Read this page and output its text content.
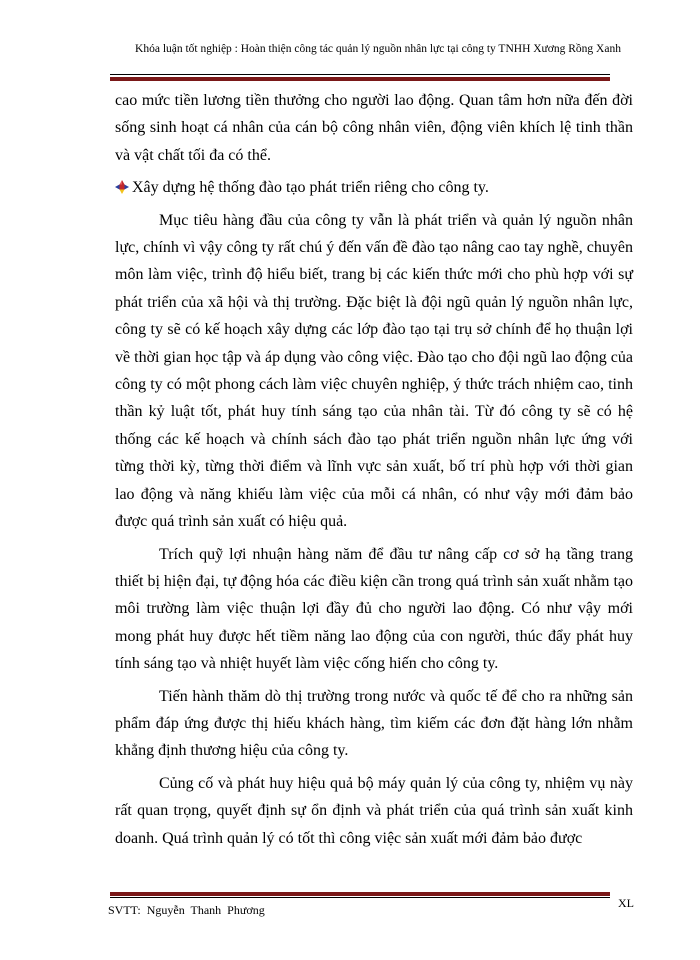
Khóa luận tốt nghiệp : Hoàn thiện công tác quản lý nguồn nhân lực tại công ty TNHH Xương Rồng Xanh

cao mức tiền lương tiền thưởng cho người lao động. Quan tâm hơn nữa đến đời sống sinh hoạt cá nhân của cán bộ công nhân viên, động viên khích lệ tinh thần và vật chất tối đa có thể.

Xây dựng hệ thống đào tạo phát triển riêng cho công ty.

Mục tiêu hàng đầu của công ty vẫn là phát triển và quản lý nguồn nhân lực, chính vì vậy công ty rất chú ý đến vấn đề đào tạo nâng cao tay nghề, chuyên môn làm việc, trình độ hiểu biết, trang bị các kiến thức mới cho phù hợp với sự phát triển của xã hội và thị trường. Đặc biệt là đội ngũ quản lý nguồn nhân lực, công ty sẽ có kế hoạch xây dựng các lớp đào tạo tại trụ sở chính để họ thuận lợi về thời gian học tập và áp dụng vào công việc. Đào tạo cho đội ngũ lao động của công ty có một phong cách làm việc chuyên nghiệp, ý thức trách nhiệm cao, tinh thần kỷ luật tốt, phát huy tính sáng tạo của nhân tài. Từ đó công ty sẽ có hệ thống các kế hoạch và chính sách đào tạo phát triển nguồn nhân lực ứng với từng thời kỳ, từng thời điểm và lĩnh vực sản xuất, bố trí phù hợp với thời gian lao động và năng khiếu làm việc của mỗi cá nhân, có như vậy mới đảm bảo được quá trình sản xuất có hiệu quả.

Trích quỹ lợi nhuận hàng năm để đầu tư nâng cấp cơ sở hạ tầng trang thiết bị hiện đại, tự động hóa các điều kiện cần trong quá trình sản xuất nhằm tạo môi trường làm việc thuận lợi đầy đủ cho người lao động. Có như vậy mới mong phát huy được hết tiềm năng lao động của con người, thúc đẩy phát huy tính sáng tạo và nhiệt huyết làm việc cống hiến cho công ty.

Tiến hành thăm dò thị trường trong nước và quốc tế để cho ra những sản phẩm đáp ứng được thị hiếu khách hàng, tìm kiếm các đơn đặt hàng lớn nhằm khẳng định thương hiệu của công ty.

Củng cố và phát huy hiệu quả bộ máy quản lý của công ty, nhiệm vụ này rất quan trọng, quyết định sự ổn định và phát triển của quá trình sản xuất kinh doanh. Quá trình quản lý có tốt thì công việc sản xuất mới đảm bảo được

SVTT: Nguyễn Thanh Phương	XL
